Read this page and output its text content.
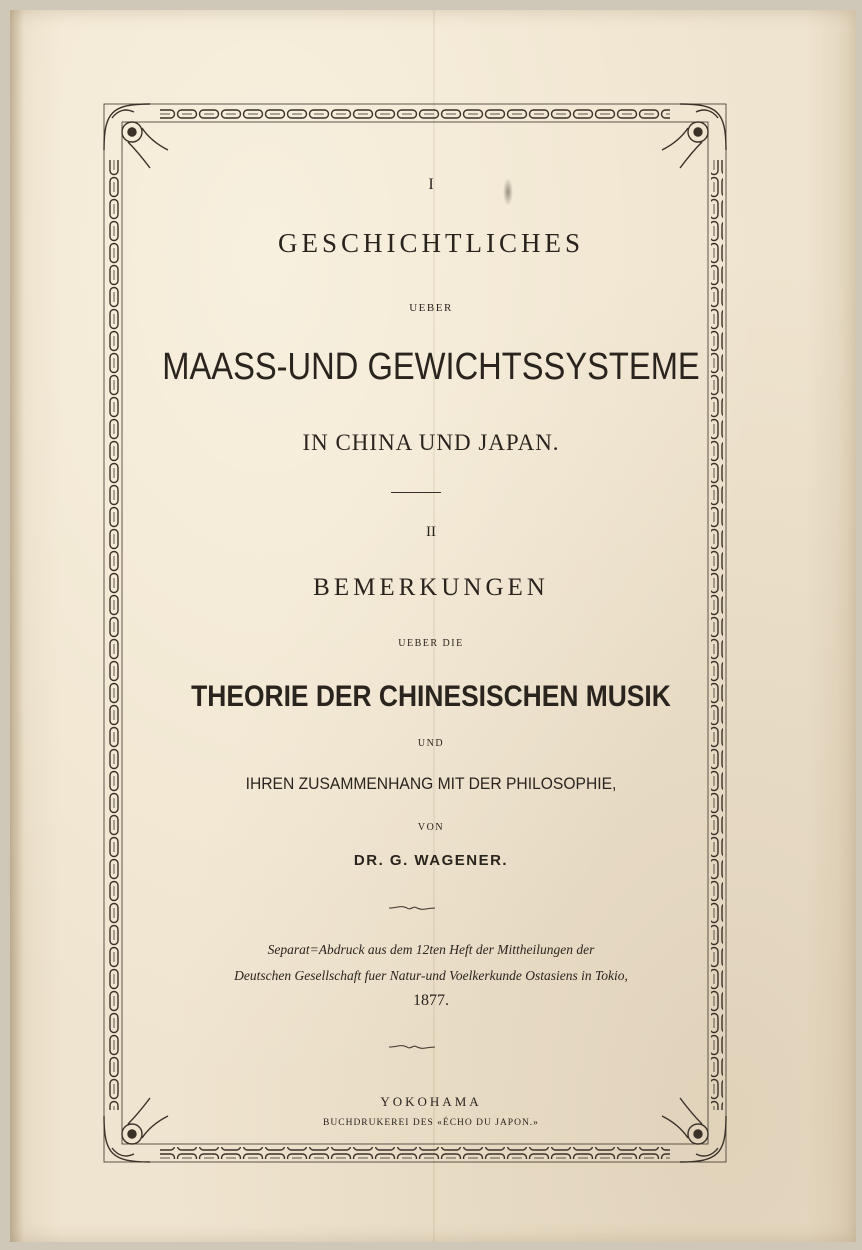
I
GESCHICHTLICHES
UEBER
MAASS-UND GEWICHTSSYSTEME
IN CHINA UND JAPAN.
II
BEMERKUNGEN
UEBER DIE
THEORIE DER CHINESISCHEN MUSIK
UND
IHREN ZUSAMMENHANG MIT DER PHILOSOPHIE,
VON
DR. G. WAGENER.
Separat=Abdruck aus dem 12ten Heft der Mittheilungen der
Deutschen Gesellschaft fuer Natur-und Voelkerkunde Ostasiens in Tokio,
1877.
YOKOHAMA
BUCHDRUKEREI DES «ÉCHO DU JAPON.»
